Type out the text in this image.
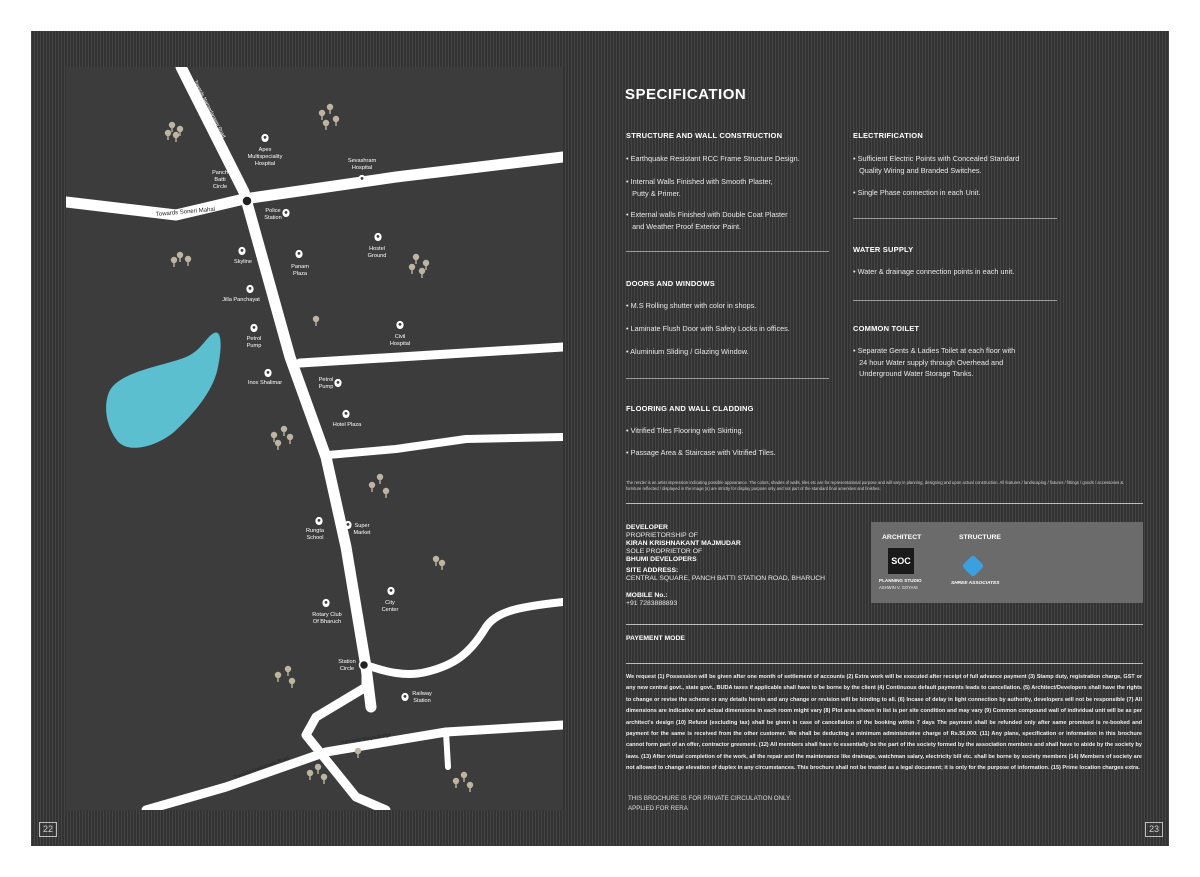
Towards Narmadanagar Road
Towards Soneri Mahal
Narmada Maiya Bridge
Towards Ankleshwar Road
Apex Multispeciality Hospital	Sevashram Hospital
Panch Batti Circle
Police Station
Hostel Ground
Skyline
Panam Plaza
Jilla Panchayat
Petrol Pump
Civil Hospital
Inox Shalimar	Petrol Pump
Hotel Plaza
Rungta School
Super Market
City Center
Rotary Club Of Bharuch
Station Circle
Railway Station
22	23
SPECIFICATION
STRUCTURE AND WALL CONSTRUCTION
• Earthquake Resistant RCC Frame Structure Design.
• Internal Walls Finished with Smooth Plaster,
Putty & Primer.
• External walls Finished with Double Coat Plaster
and Weather Proof Exterior Paint.
DOORS AND WINDOWS
• M.S Rolling shutter with color in shops.
• Laminate Flush Door with Safety Locks in offices.
• Aluminium Sliding / Glazing Window.
FLOORING AND WALL CLADDING
• Vitrified Tiles Flooring with Skirting.
• Passage Area & Staircase with Vitrified Tiles.
ELECTRIFICATION
• Sufficient Electric Points with Concealed Standard
Quality Wiring and Branded Switches.
• Single Phase connection in each Unit.
WATER SUPPLY
• Water & drainage connection points in each unit.
COMMON TOILET
• Separate Gents & Ladies Toilet at each floor with
24 hour Water supply through Overhead and
Underground Water Storage Tanks.
The render is an artist impression indicating possible appearance. The colors, shades of walls, tiles etc are for representational purpose and will vary in planning, designing and upon actual construction. All features / landscaping / fixtures / fittings / goods / accessories & furniture reflected / displayed in the image (s) are strictly for display purpose only and not part of the standard final amenities and finishes.
DEVELOPER
PROPRIETORSHIP OF
KIRAN KRISHNAKANT MAJMUDAR
SOLE PROPRIETOR OF
BHUMI DEVELOPERS
SITE ADDRESS:
CENTRAL SQUARE, PANCH BATTI STATION ROAD, BHARUCH
MOBILE No.:
+91 7283888893
ARCHITECT	STRUCTURE
SOC
PLANNING STUDIO
ASHWIN V. GOYANI
SHREE ASSOCIATES
PAYEMENT MODE
We request (1) Possession will be given after one month of settlement of accounts (2) Extra work will be executed after receipt of full advance payment (3) Stamp duty, registration charge, GST or any new central govt., state govt., BUDA taxes if applicable shall have to be borne by the client (4) Continuous default payments leads to cancellation. (5) Architect/Developers shall have the rights to change or revise the scheme or any details herein and any change or revision will be binding to all. (6) Incase of delay in light connection by authority, developers will not be responsible (7) All dimensions are indicative and actual dimensions in each room might vary (8) Plot area shown in list is per site condition and may vary (9) Common compound wall of individual unit will be as per architect's design (10) Refund (excluding tax) shall be given in case of cancellation of the booking within 7 days The payment shall be refunded only after same promised is re-booked and payment for the same is received from the other customer. We shall be deducting a minimum administrative charge of Rs.50,000. (11) Any plans, specification or information in this brochure cannot form part of an offer, contractor greement. (12) All members shall have to essentially be the part of the society formed by the association members and shall have to abide by the society by laws. (13) After virtual completion of the work, all the repair and the maintenance like drainage, watchman salary, electricity bill etc. shall be borne by society members (14) Members of society are not allowed to change elevation of duplex in any circumstances. This brochure shall not be treated as a legal document; it is only for the purpose of information. (15) Prime location charges extra.
THIS BROCHURE IS FOR PRIVATE CIRCULATION ONLY.
APPLIED FOR RERA
